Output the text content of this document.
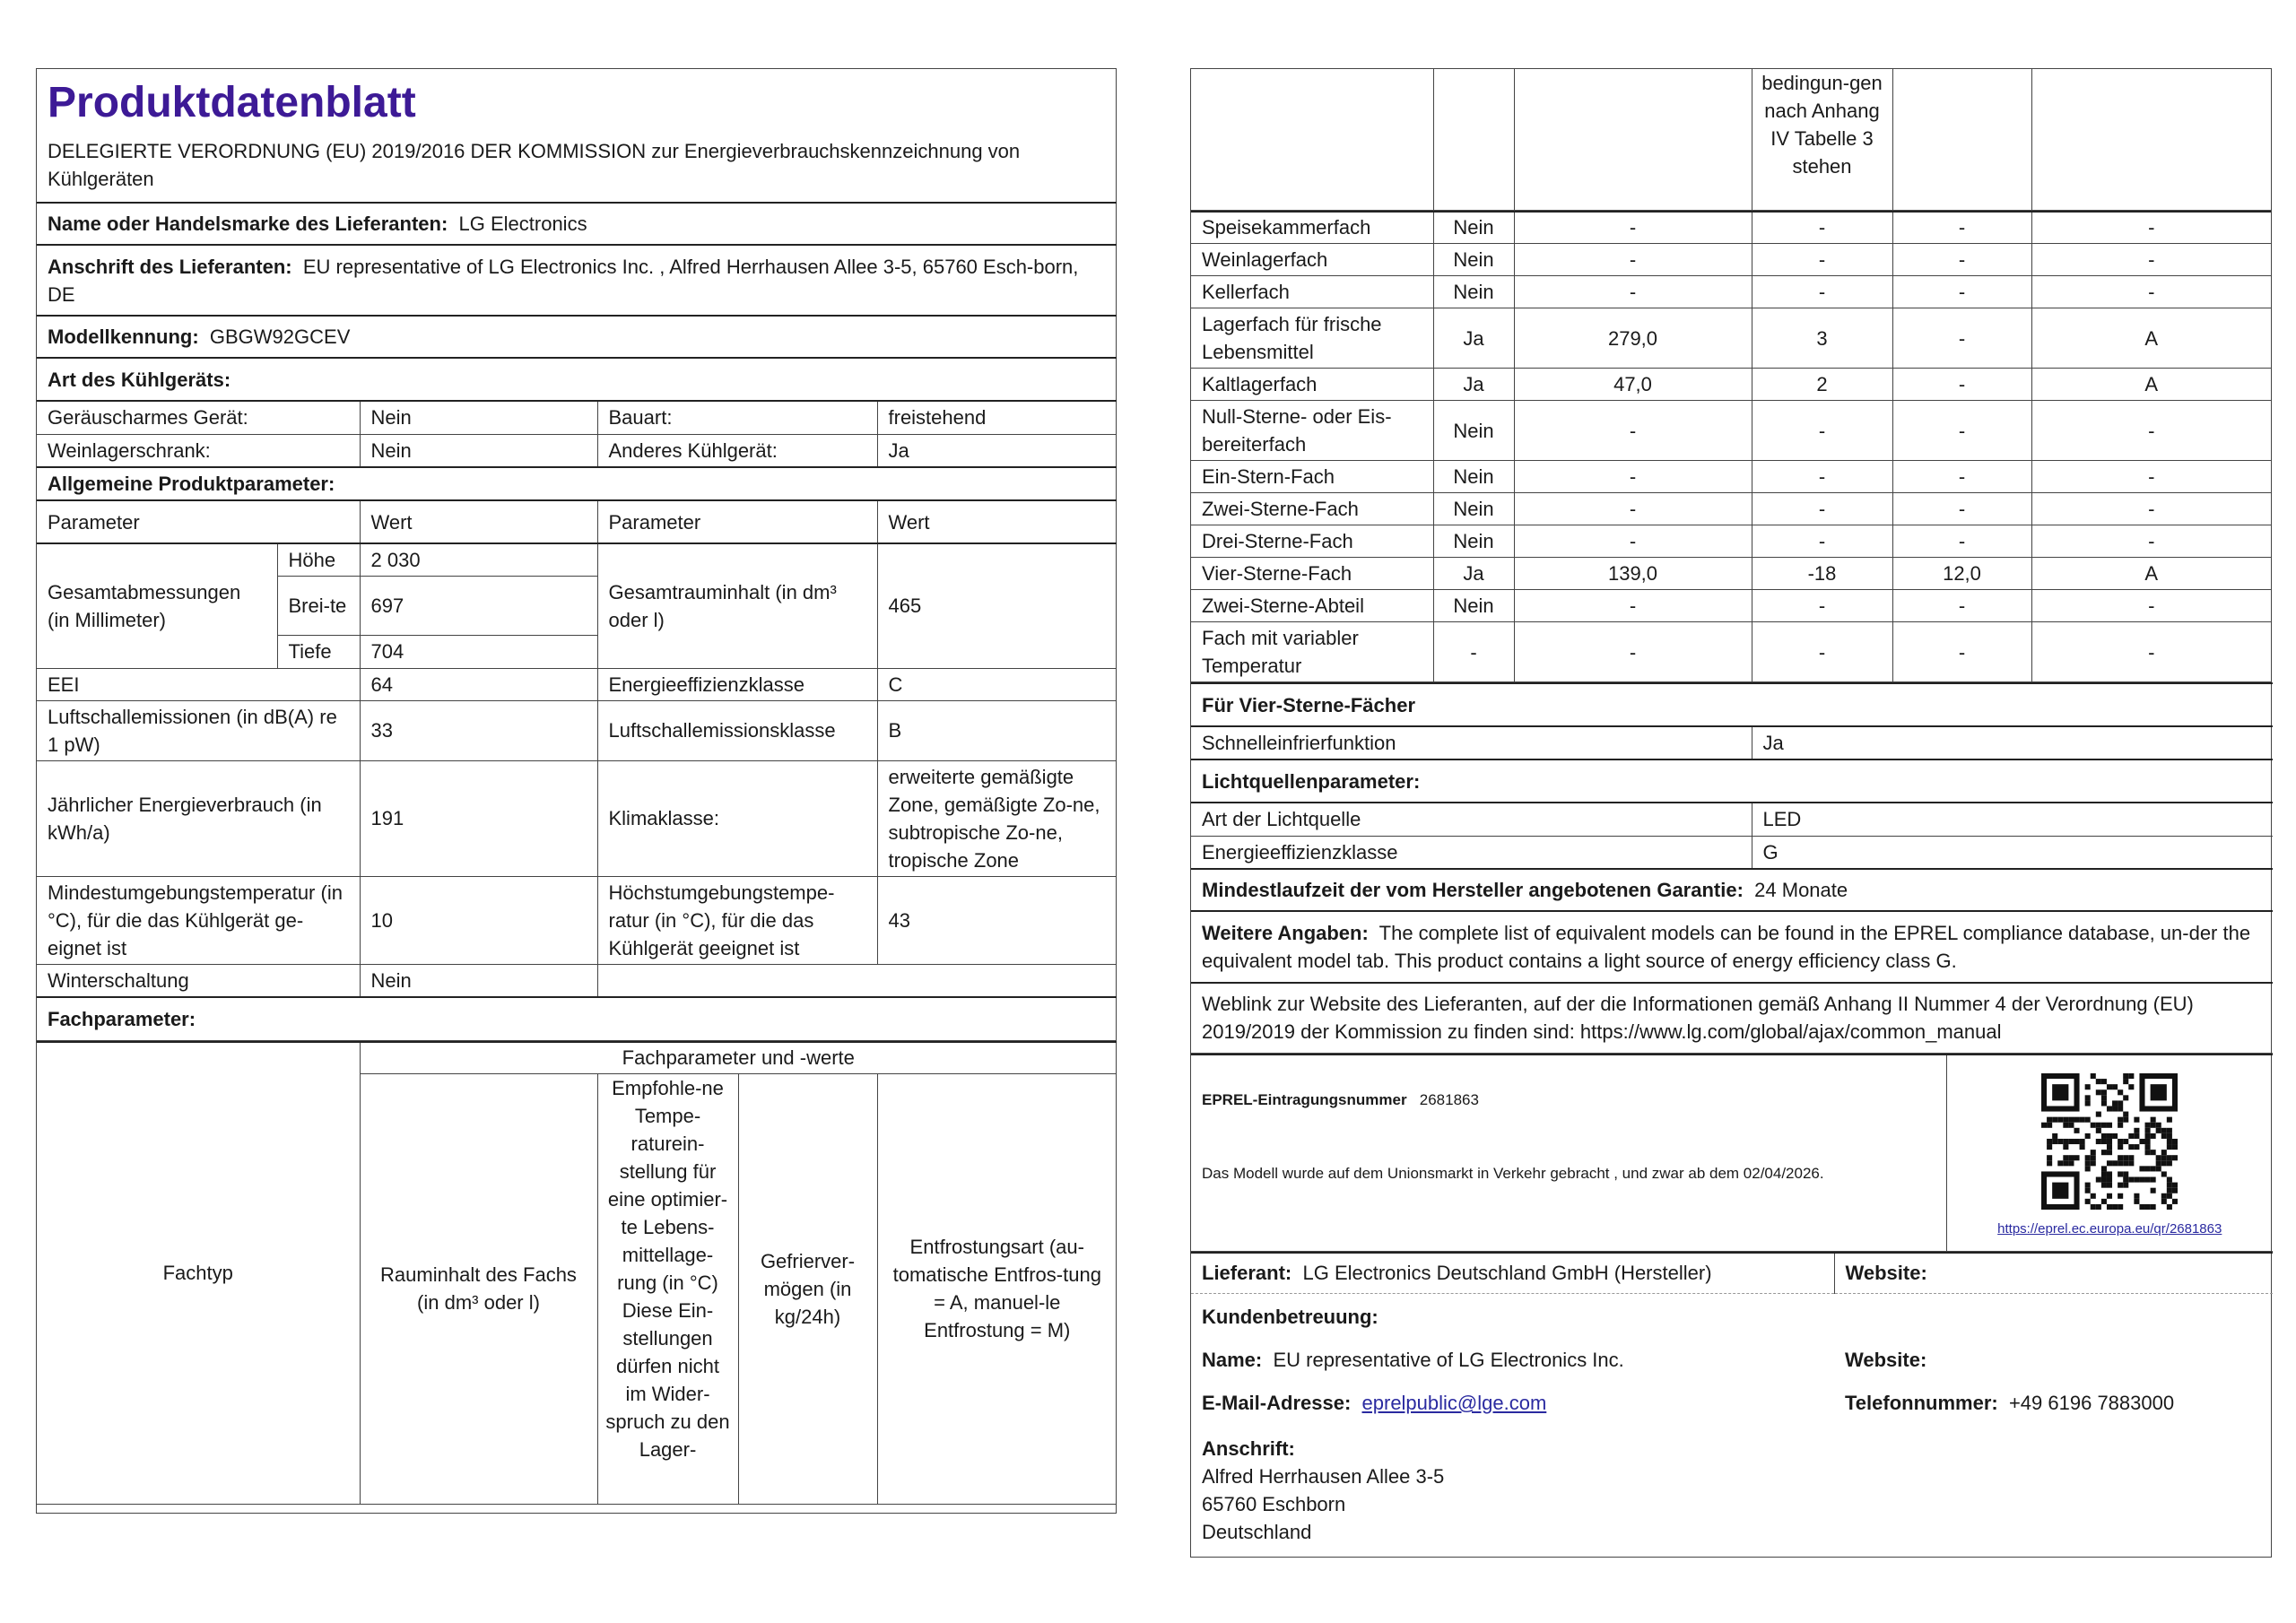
Produktdatenblatt
DELEGIERTE VERORDNUNG (EU) 2019/2016 DER KOMMISSION zur Energieverbrauchskennzeichnung von Kühlgeräten
Name oder Handelsmarke des Lieferanten: LG Electronics				
Anschrift des Lieferanten: EU representative of LG Electronics Inc. , Alfred Herrhausen Allee 3-5, 65760 Esch-born, DE				
Modellkennung: GBGW92GCEV				
Art des Kühlgeräts:				
Geräuscharmes Gerät:		Nein	Bauart:	freistehend
Weinlagerschrank:		Nein	Anderes Kühlgerät:	Ja
Allgemeine Produktparameter:				
Parameter		Wert	Parameter	Wert
Gesamtabmessungen (in Millimeter)	Höhe	2 030	Gesamtrauminhalt (in dm³ oder l)	465
	Brei-te	697		
	Tiefe	704		
EEI		64	Energieeffizienzklasse	C
Luftschallemissionen (in dB(A) re 1 pW)		33	Luftschallemissionsklasse	B
Jährlicher Energieverbrauch (in kWh/a)		191	Klimaklasse:	erweiterte gemäßigte Zone, gemäßigte Zo-ne, subtropische Zo-ne, tropische Zone
Mindestumgebungstemperatur (in °C), für die das Kühlgerät ge-eignet ist		10	Höchstumgebungstempe-ratur (in °C), für die das Kühlgerät geeignet ist	43
Winterschaltung		Nein		
Fachparameter:				
Fachtyp	Fachparameter und -werte			
	Rauminhalt des Fachs (in dm³ oder l)	Empfohle-ne Tempe-raturein-stellung für eine optimier-te Lebens-mittellage-rung (in °C) Diese Ein-stellungen dürfen nicht im Wider-spruch zu den Lager-	Gefrierver-mögen (in kg/24h)	Entfrostungsart (au-tomatische Entfros-tung = A, manuel-le Entfrostung = M)
			bedingun-gen nach Anhang IV Tabelle 3 stehen		
Speisekammerfach	Nein	-	-	-	-
Weinlagerfach	Nein	-	-	-	-
Kellerfach	Nein	-	-	-	-
Lagerfach für frische Lebensmittel	Ja	279,0	3	-	A
Kaltlagerfach	Ja	47,0	2	-	A
Null-Sterne- oder Eis-bereiterfach	Nein	-	-	-	-
Ein-Stern-Fach	Nein	-	-	-	-
Zwei-Sterne-Fach	Nein	-	-	-	-
Drei-Sterne-Fach	Nein	-	-	-	-
Vier-Sterne-Fach	Ja	139,0	-18	12,0	A
Zwei-Sterne-Abteil	Nein	-	-	-	-
Fach mit variabler Temperatur	-	-	-	-	-
Für Vier-Sterne-Fächer	
Schnelleinfrierfunktion	Ja
Lichtquellenparameter:	
Art der Lichtquelle	LED
Energieeffizienzklasse	G
Mindestlaufzeit der vom Hersteller angebotenen Garantie: 24 Monate	
Weitere Angaben: The complete list of equivalent models can be found in the EPREL compliance database, un-der the equivalent model tab. This product contains a light source of energy efficiency class G.	
Weblink zur Website des Lieferanten, auf der die Informationen gemäß Anhang II Nummer 4 der Verordnung (EU) 2019/2019 der Kommission zu finden sind: https://www.lg.com/global/ajax/common_manual	
EPREL-Eintragungsnummer 2681863
Das Modell wurde auf dem Unionsmarkt in Verkehr gebracht , und zwar ab dem 02/04/2026.

https://eprel.ec.europa.eu/qr/2681863
Lieferant: LG Electronics Deutschland GmbH (Hersteller)	Website:
Kundenbetreuung:	
Name: EU representative of LG Electronics Inc.	Website:
E-Mail-Adresse: eprelpublic@lge.com	Telefonnummer: +49 6196 7883000
Anschrift:	
Alfred Herrhausen Allee 3-5	
65760 Eschborn	
Deutschland	
